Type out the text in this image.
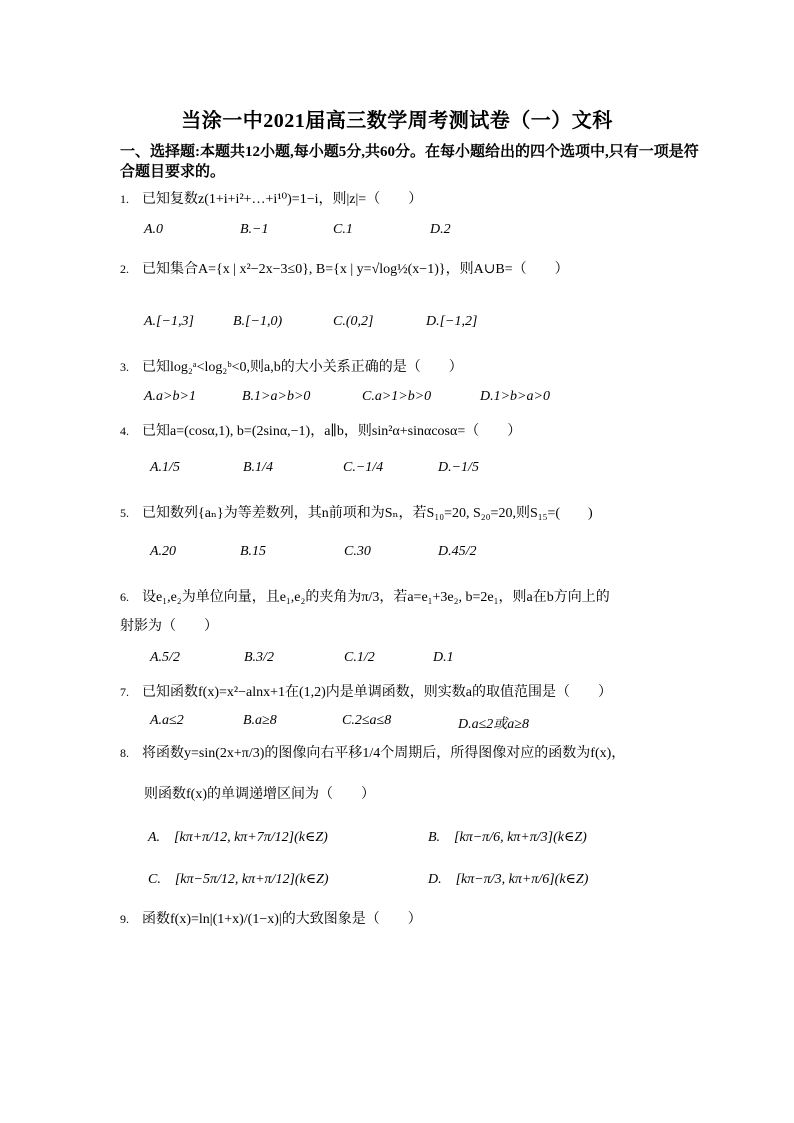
当涂一中2021届高三数学周考测试卷（一）文科
一、选择题:本题共12小题,每小题5分,共60分。在每小题给出的四个选项中,只有一项是符合题目要求的。
1. 已知复数z(1+i+i²+…+i¹⁰)=1−i，则|z|=（　　）
A.0	B.−1	C.1	D.2
2. 已知集合A={x | x²−2x−3≤0}, B={x | y=√log½(x−1)}，则A∪B=（　　）
A.[−1,3]	B.[−1,0)	C.(0,2]	D.[−1,2]
3. 已知log₂ᵃ<log₂ᵇ<0,则a,b的大小关系正确的是（　　）
A.a>b>1	B.1>a>b>0	C.a>1>b>0	D.1>b>a>0
4. 已知a=(cosα,1), b=(2sinα,−1)，a∥b，则sin²α+sinαcosα=（　　）
A.1/5	B.1/4	C.−1/4	D.−1/5
5. 已知数列{aₙ}为等差数列，其n前项和为Sₙ，若S₁₀=20, S₂₀=20,则S₁₅=(　　)
A.20	B.15	C.30	D.45/2
6. 设e₁,e₂为单位向量，且e₁,e₂的夹角为π/3，若a=e₁+3e₂, b=2e₁，则a在b方向上的
射影为（　　）
A.5/2	B.3/2	C.1/2	D.1
7. 已知函数f(x)=x²−alnx+1在(1,2)内是单调函数，则实数a的取值范围是（　　）
A.a≤2	B.a≥8	C.2≤a≤8	D.a≤2或a≥8
8. 将函数y=sin(2x+π/3)的图像向右平移1/4个周期后，所得图像对应的函数为f(x)，
则函数f(x)的单调递增区间为（　　）
A.　[kπ+π/12, kπ+7π/12](k∈Z)	B.　[kπ−π/6, kπ+π/3](k∈Z)
C.　[kπ−5π/12, kπ+π/12](k∈Z)	D.　[kπ−π/3, kπ+π/6](k∈Z)
9. 函数f(x)=ln|(1+x)/(1−x)|的大致图象是（　　）
